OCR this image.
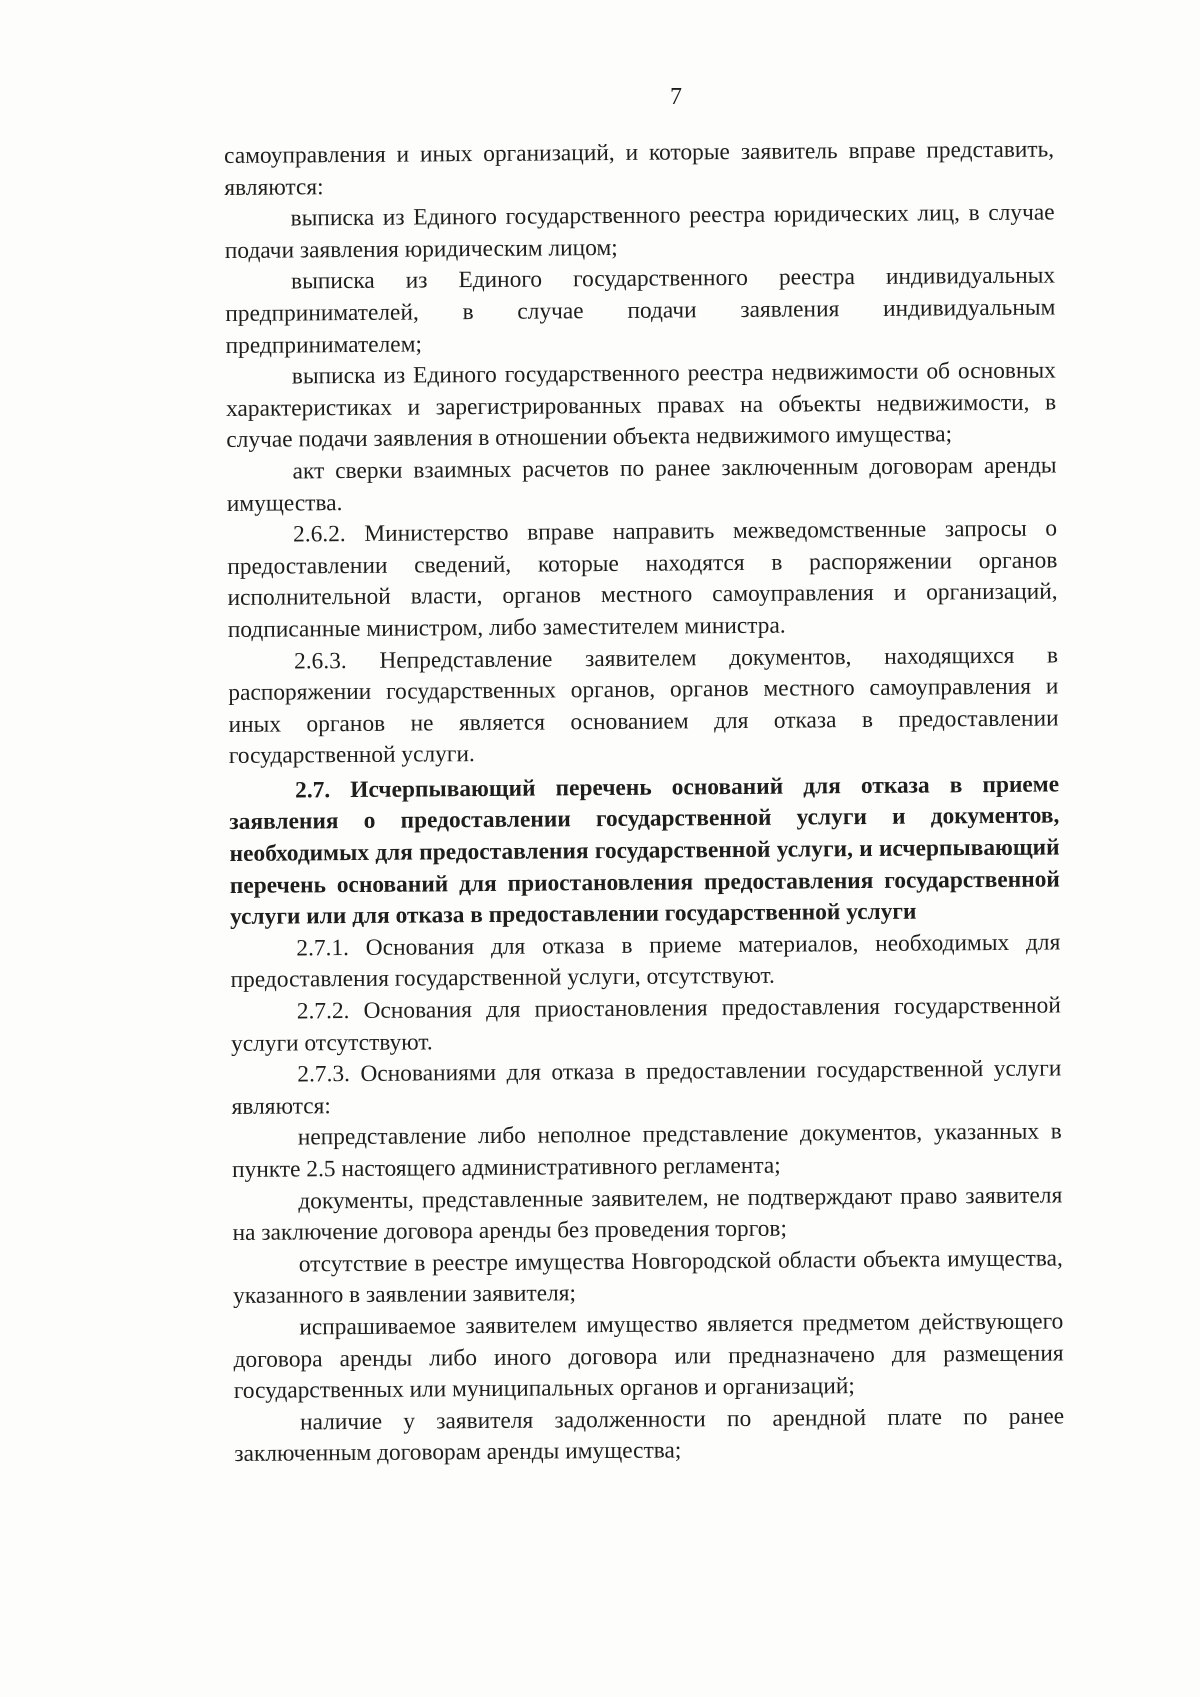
7

самоуправления и иных организаций, и которые заявитель вправе представить, являются:

выписка из Единого государственного реестра юридических лиц, в случае подачи заявления юридическим лицом;

выписка из Единого государственного реестра индивидуальных предпринимателей, в случае подачи заявления индивидуальным предпринимателем;

выписка из Единого государственного реестра недвижимости об основных характеристиках и зарегистрированных правах на объекты недвижимости, в случае подачи заявления в отношении объекта недвижимого имущества;

акт сверки взаимных расчетов по ранее заключенным договорам аренды имущества.

2.6.2. Министерство вправе направить межведомственные запросы о предоставлении сведений, которые находятся в распоряжении органов исполнительной власти, органов местного самоуправления и организаций, подписанные министром, либо заместителем министра.

2.6.3. Непредставление заявителем документов, находящихся в распоряжении государственных органов, органов местного самоуправления и иных органов не является основанием для отказа в предоставлении государственной услуги.

2.7. Исчерпывающий перечень оснований для отказа в приеме заявления о предоставлении государственной услуги и документов, необходимых для предоставления государственной услуги, и исчерпывающий перечень оснований для приостановления предоставления государственной услуги или для отказа в предоставлении государственной услуги

2.7.1. Основания для отказа в приеме материалов, необходимых для предоставления государственной услуги, отсутствуют.

2.7.2. Основания для приостановления предоставления государственной услуги отсутствуют.

2.7.3. Основаниями для отказа в предоставлении государственной услуги являются:

непредставление либо неполное представление документов, указанных в пункте 2.5 настоящего административного регламента;

документы, представленные заявителем, не подтверждают право заявителя на заключение договора аренды без проведения торгов;

отсутствие в реестре имущества Новгородской области объекта имущества, указанного в заявлении заявителя;

испрашиваемое заявителем имущество является предметом действующего договора аренды либо иного договора или предназначено для размещения государственных или муниципальных органов и организаций;

наличие у заявителя задолженности по арендной плате по ранее заключенным договорам аренды имущества;
